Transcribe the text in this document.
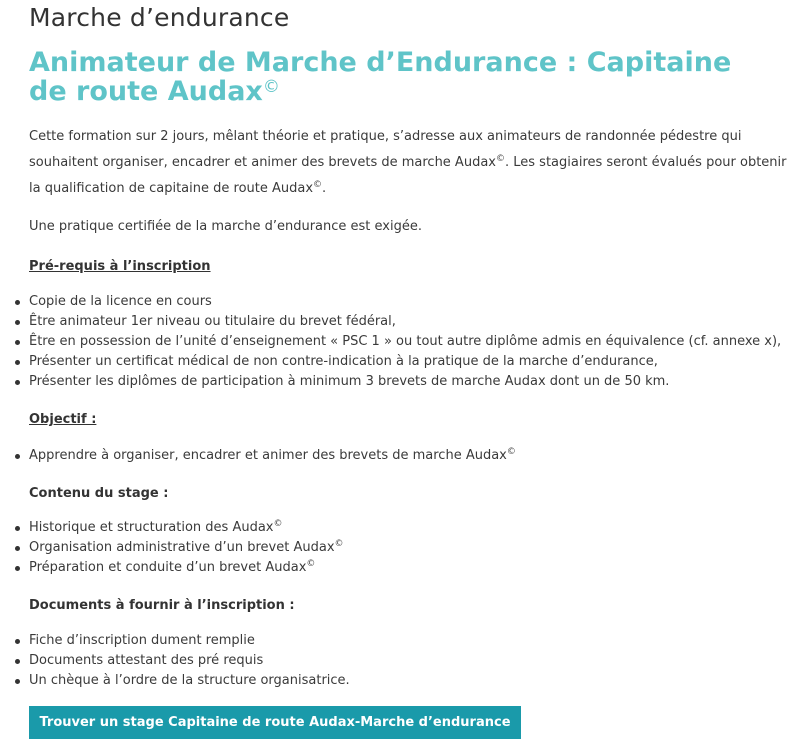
Marche d’endurance
Animateur de Marche d’Endurance : Capitaine de route Audax©

Cette formation sur 2 jours, mêlant théorie et pratique, s’adresse aux animateurs de randonnée pédestre qui
souhaitent organiser, encadrer et animer des brevets de marche Audax©. Les stagiaires seront évalués pour obtenir
la qualification de capitaine de route Audax©.

Une pratique certifiée de la marche d’endurance est exigée.

Pré-requis à l’inscription

Copie de la licence en cours
Être animateur 1er niveau ou titulaire du brevet fédéral,
Être en possession de l’unité d’enseignement « PSC 1 » ou tout autre diplôme admis en équivalence (cf. annexe x),
Présenter un certificat médical de non contre-indication à la pratique de la marche d’endurance,
Présenter les diplômes de participation à minimum 3 brevets de marche Audax dont un de 50 km.

Objectif :

Apprendre à organiser, encadrer et animer des brevets de marche Audax©

Contenu du stage :

Historique et structuration des Audax©
Organisation administrative d’un brevet Audax©
Préparation et conduite d’un brevet Audax©

Documents à fournir à l’inscription :

Fiche d’inscription dument remplie
Documents attestant des pré requis
Un chèque à l’ordre de la structure organisatrice.
Trouver un stage Capitaine de route Audax-Marche d’endurance
